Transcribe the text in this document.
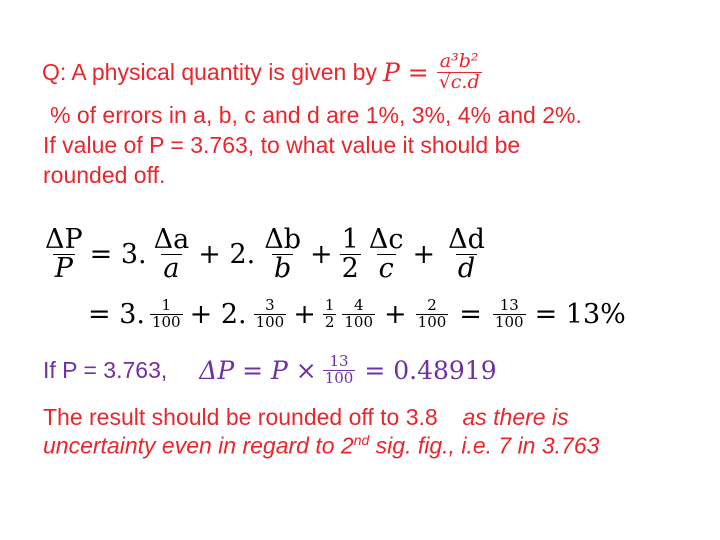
Q: A physical quantity is given by $P = \frac{\text{a³b²}}{√c.d}$
% of errors in a, b, c and d are 1%, 3%, 4% and 2%.
If value of P = 3.763, to what value it should be
rounded off.
$\frac{\Delta P}{P} = 3$. $\frac{\Delta a}{a} + 2$. $\frac{\Delta b}{b} + \frac{1}{2} \frac{\Delta c}{c} + \frac{\Delta d}{d}$
= 3. $\frac{1}{100} + 2$. $\frac{3}{100} + \frac{1}{2} \frac{4}{100} + \frac{2}{100} = \frac{13}{100} = 13\%$
If P = 3.763, $\Delta P = P \times \frac{13}{100} = 0.48919$
The result should be rounded off to 3.8 as there is
uncertainty even in regard to 2nd sig. fig., i.e. 7 in 3.763
